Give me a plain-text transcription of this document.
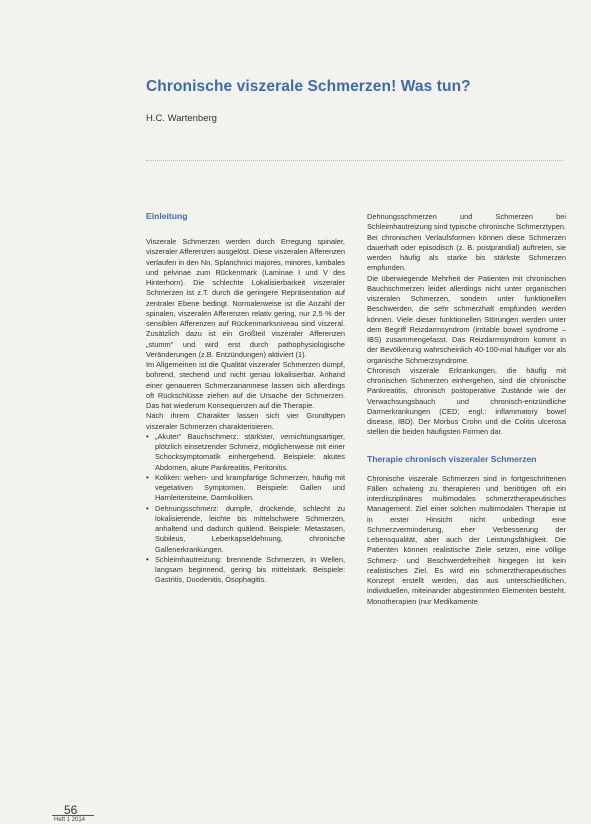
Chronische viszerale Schmerzen! Was tun?
H.C. Wartenberg

Einleitung

Viszerale Schmerzen werden durch Erregung spinaler, viszeraler Afferenzen ausgelöst. Diese viszeralen Afferenzen verlaufen in den Nn. Splanchnici majores, minores, lumbales und pelvinae zum Rückenmark (Laminae I und V des Hinterhorn). Die schlechte Lokalisierbarkeit viszeraler Schmerzen ist z.T. durch die geringere Repräsentation auf zentraler Ebene bedingt. Normalerweise ist die Anzahl der spinalen, viszeralen Afferenzen relativ gering, nur 2,5 % der sensiblen Afferenzen auf Rückenmarksniveau sind viszeral. Zusätzlich dazu ist ein Großteil viszeraler Afferenzen „stumm" und wird erst durch pathophysiologische Veränderungen (z.B. Entzündungen) aktiviert (1).

Im Allgemeinen ist die Qualität viszeraler Schmerzen dumpf, bohrend, stechend und nicht genau lokalisierbar. Anhand einer genaueren Schmerzanamnese lassen sich allerdings oft Rückschlüsse ziehen auf die Ursache der Schmerzen. Das hat wiederum Konsequenzen auf die Therapie.

Nach ihrem Charakter lassen sich vier Grundtypen viszeraler Schmerzen charakterisieren.

• „Akuter" Bauchschmerz: stärkster, vernichtungsartiger, plötzlich einsetzender Schmerz, möglicherweise mit einer Schocksymptomatik einhergehend. Beispiele: akutes Abdomen, akute Pankreatitis, Peritonitis.
• Koliken: wehen- und krampfartige Schmerzen, häufig mit vegetativen Symptomen. Beispiele: Gallen und Harnleitersteine, Darmkoliken.
• Dehnungsschmerz: dumpfe, drückende, schlecht zu lokalisierende, leichte bis mittelschwere Schmerzen, anhaltend und dadurch quälend. Beispiele: Metastasen, Subileus, Leberkapseldehnung, chronische Gallenerkrankungen.
• Schleimhautreizung: brennende Schmerzen, in Wellen, langsam beginnend, gering bis mittelstark. Beispiele: Gastritis, Duodenitis, Ösophagitis.

Dehnungsschmerzen und Schmerzen bei Schleimhautreizung sind typische chronische Schmerztypen. Bei chronischen Verlaufsformen können diese Schmerzen dauerhaft oder episodisch (z. B. postprandial) auftreten, sie werden häufig als starke bis stärkste Schmerzen empfunden.

Die überwiegende Mehrheit der Patienten mit chronischen Bauchschmerzen leidet allerdings nicht unter organischen viszeralen Schmerzen, sondern unter funktionellen Beschwerden, die sehr schmerzhaft empfunden werden können. Viele dieser funktionellen Störungen werden unter dem Begriff Reizdarmsyndrom (irritable bowel syndrome – IBS) zusammengefasst. Das Reizdarmsyndrom kommt in der Bevölkerung wahrscheinlich 40-100-mal häufiger vor als organische Schmerzsyndrome.

Chronisch viszerale Erkrankungen, die häufig mit chronischen Schmerzen einhergehen, sind die chronische Pankreatitis, chronisch postoperative Zustände wie der Verwachsungsbauch und chronisch-entzündliche Darmerkrankungen (CED; engl.: inflammatory bowel disease, IBD). Der Morbus Crohn und die Colitis ulcerosa stellen die beiden häufigsten Formen dar.

Therapie chronisch viszeraler Schmerzen

Chronische viszerale Schmerzen sind in fortgeschrittenen Fällen schwierig zu therapieren und benötigen oft ein interdisziplinäres multimodales schmerztherapeutisches Management. Ziel einer solchen multimodalen Therapie ist in erster Hinsicht nicht unbedingt eine Schmerzverminderung, eher Verbesserung der Lebensqualität, aber auch der Leistungsfähigkeit. Die Patienten können realistische Ziele setzen, eine völlige Schmerz- und Beschwerdefreiheit hingegen ist kein realistisches Ziel. Es wird ein schmerztherapeutisches Konzept erstellt werden, das aus unterschiedlichen, individuellen, miteinander abgestimmten Elementen besteht. Monotherapien (nur Medikamente

56
Heft 1 2014
